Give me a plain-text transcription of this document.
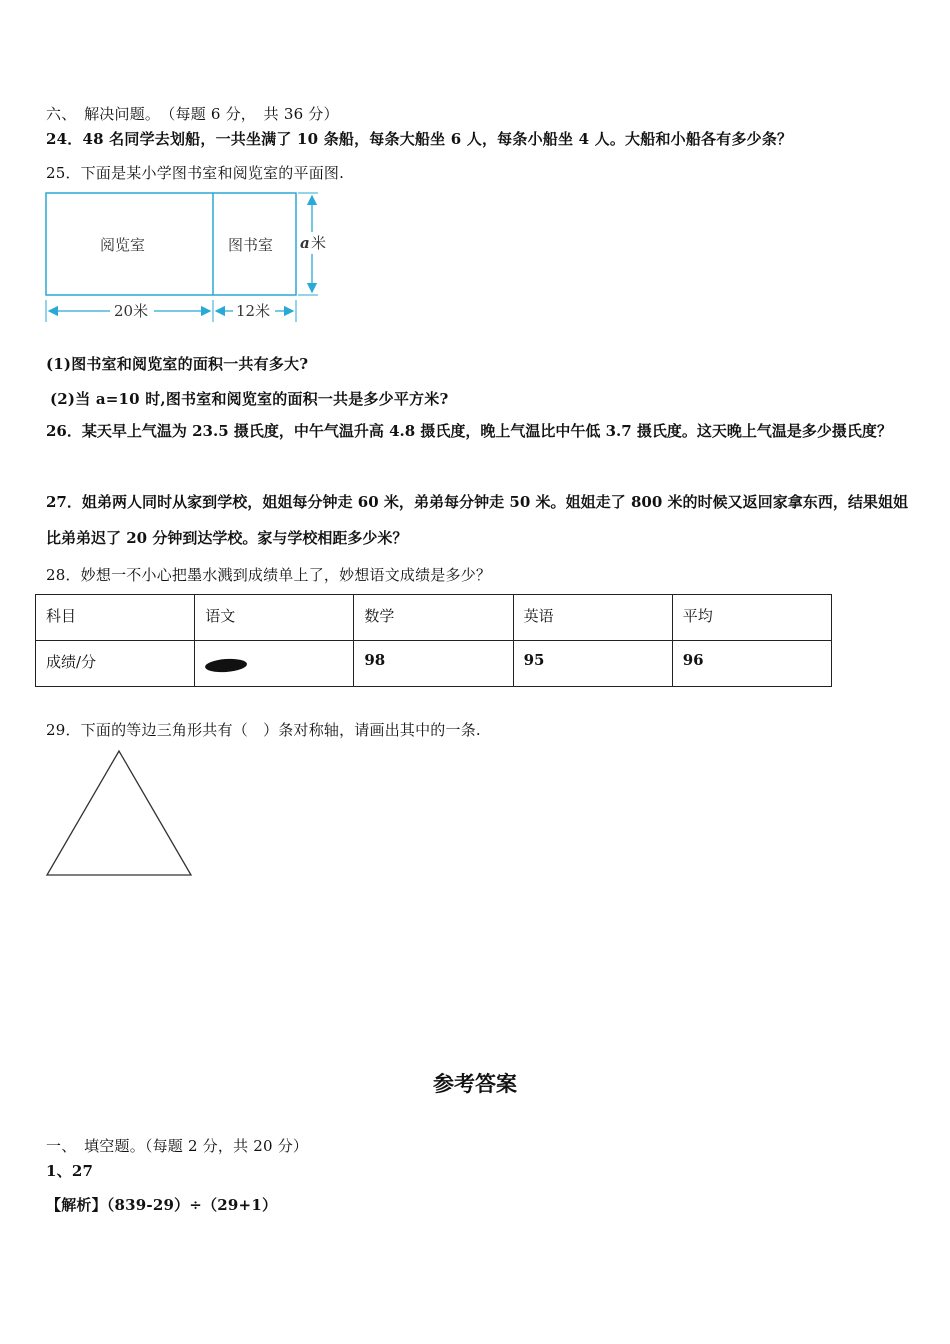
六、　解决问题。　（每题 6 分，　共 36 分）
24．48 名同学去划船，一共坐满了 10 条船，每条大船坐 6 人，每条小船坐 4 人。大船和小船各有多少条？
25．下面是某小学图书室和阅览室的平面图.
阅览室	图书室 a 米
20米	12米
(1)图书室和阅览室的面积一共有多大?
(2)当 a=10 时,图书室和阅览室的面积一共是多少平方米?
26．某天早上气温为 23.5 摄氏度，中午气温升高 4.8 摄氏度，晚上气温比中午低 3.7 摄氏度。这天晚上气温是多少摄氏度？
27．姐弟两人同时从家到学校，姐姐每分钟走 60 米，弟弟每分钟走 50 米。姐姐走了 800 米的时候又返回家拿东西，结果姐姐比弟弟迟了 20 分钟到达学校。家与学校相距多少米？
28．妙想一不小心把墨水溅到成绩单上了，妙想语文成绩是多少？
科目	语文	数学	英语	平均
成绩/分		98	95	96
29．下面的等边三角形共有（　）条对称轴，请画出其中的一条.
参考答案
一、　填空题。（每题 2 分，共 20 分）
1、27
【解析】（839-29）÷（29+1）
